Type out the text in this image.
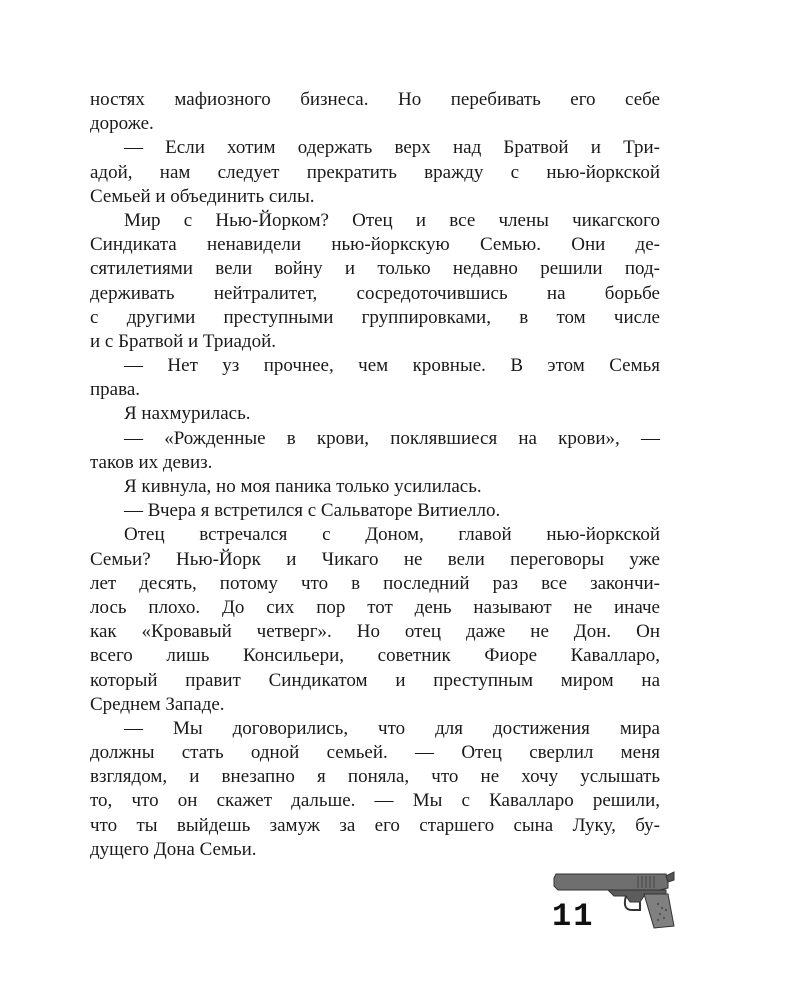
ностях мафиозного бизнеса. Но перебивать его себе
дороже.
— Если хотим одержать верх над Братвой и Три-
адой, нам следует прекратить вражду с нью-йоркской
Семьей и объединить силы.
Мир с Нью-Йорком? Отец и все члены чикагского
Синдиката ненавидели нью-йоркскую Семью. Они де-
сятилетиями вели войну и только недавно решили под-
держивать нейтралитет, сосредоточившись на борьбе
с другими преступными группировками, в том числе
и с Братвой и Триадой.
— Нет уз прочнее, чем кровные. В этом Семья
права.
Я нахмурилась.
— «Рожденные в крови, поклявшиеся на крови», —
таков их девиз.
Я кивнула, но моя паника только усилилась.
— Вчера я встретился с Сальваторе Витиелло.
Отец встречался с Доном, главой нью-йоркской
Семьи? Нью-Йорк и Чикаго не вели переговоры уже
лет десять, потому что в последний раз все закончи-
лось плохо. До сих пор тот день называют не иначе
как «Кровавый четверг». Но отец даже не Дон. Он
всего лишь Консильери, советник Фиоре Кавалларо,
который правит Синдикатом и преступным миром на
Среднем Западе.
— Мы договорились, что для достижения мира
должны стать одной семьей. — Отец сверлил меня
взглядом, и внезапно я поняла, что не хочу услышать
то, что он скажет дальше. — Мы с Кавалларо решили,
что ты выйдешь замуж за его старшего сына Луку, бу-
дущего Дона Семьи.
11
